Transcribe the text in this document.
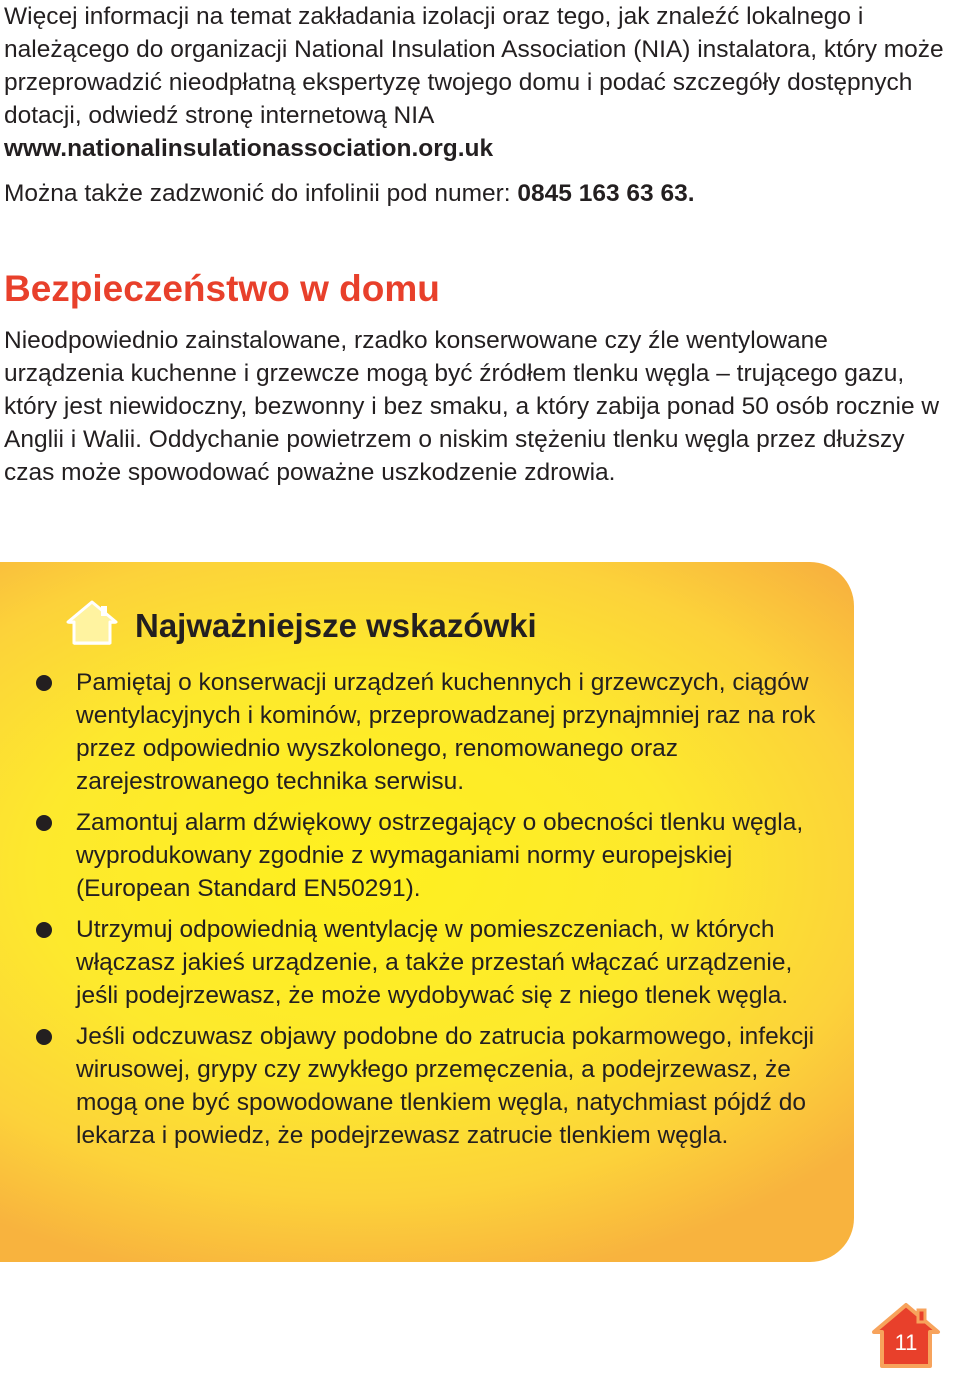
Więcej informacji na temat zakładania izolacji oraz tego, jak znaleźć lokalnego i należącego do organizacji National Insulation Association (NIA) instalatora, który może przeprowadzić nieodpłatną ekspertyzę twojego domu i podać szczegóły dostępnych dotacji, odwiedź stronę internetową NIA
www.nationalinsulationassociation.org.uk

Można także zadzwonić do infolinii pod numer: 0845 163 63 63.

Bezpieczeństwo w domu

Nieodpowiednio zainstalowane, rzadko konserwowane czy źle wentylowane urządzenia kuchenne i grzewcze mogą być źródłem tlenku węgla – trującego gazu, który jest niewidoczny, bezwonny i bez smaku, a który zabija ponad 50 osób rocznie w Anglii i Walii. Oddychanie powietrzem o niskim stężeniu tlenku węgla przez dłuższy czas może spowodować poważne uszkodzenie zdrowia.

Najważniejsze wskazówki
Pamiętaj o konserwacji urządzeń kuchennych i grzewczych, ciągów wentylacyjnych i kominów, przeprowadzanej przynajmniej raz na rok przez odpowiednio wyszkolonego, renomowanego oraz zarejestrowanego technika serwisu.
Zamontuj alarm dźwiękowy ostrzegający o obecności tlenku węgla, wyprodukowany zgodnie z wymaganiami normy europejskiej (European Standard EN50291).
Utrzymuj odpowiednią wentylację w pomieszczeniach, w których włączasz jakieś urządzenie, a także przestań włączać urządzenie, jeśli podejrzewasz, że może wydobywać się z niego tlenek węgla.
Jeśli odczuwasz objawy podobne do zatrucia pokarmowego, infekcji wirusowej, grypy czy zwykłego przemęczenia, a podejrzewasz, że mogą one być spowodowane tlenkiem węgla, natychmiast pójdź do lekarza i powiedz, że podejrzewasz zatrucie tlenkiem węgla.
11
